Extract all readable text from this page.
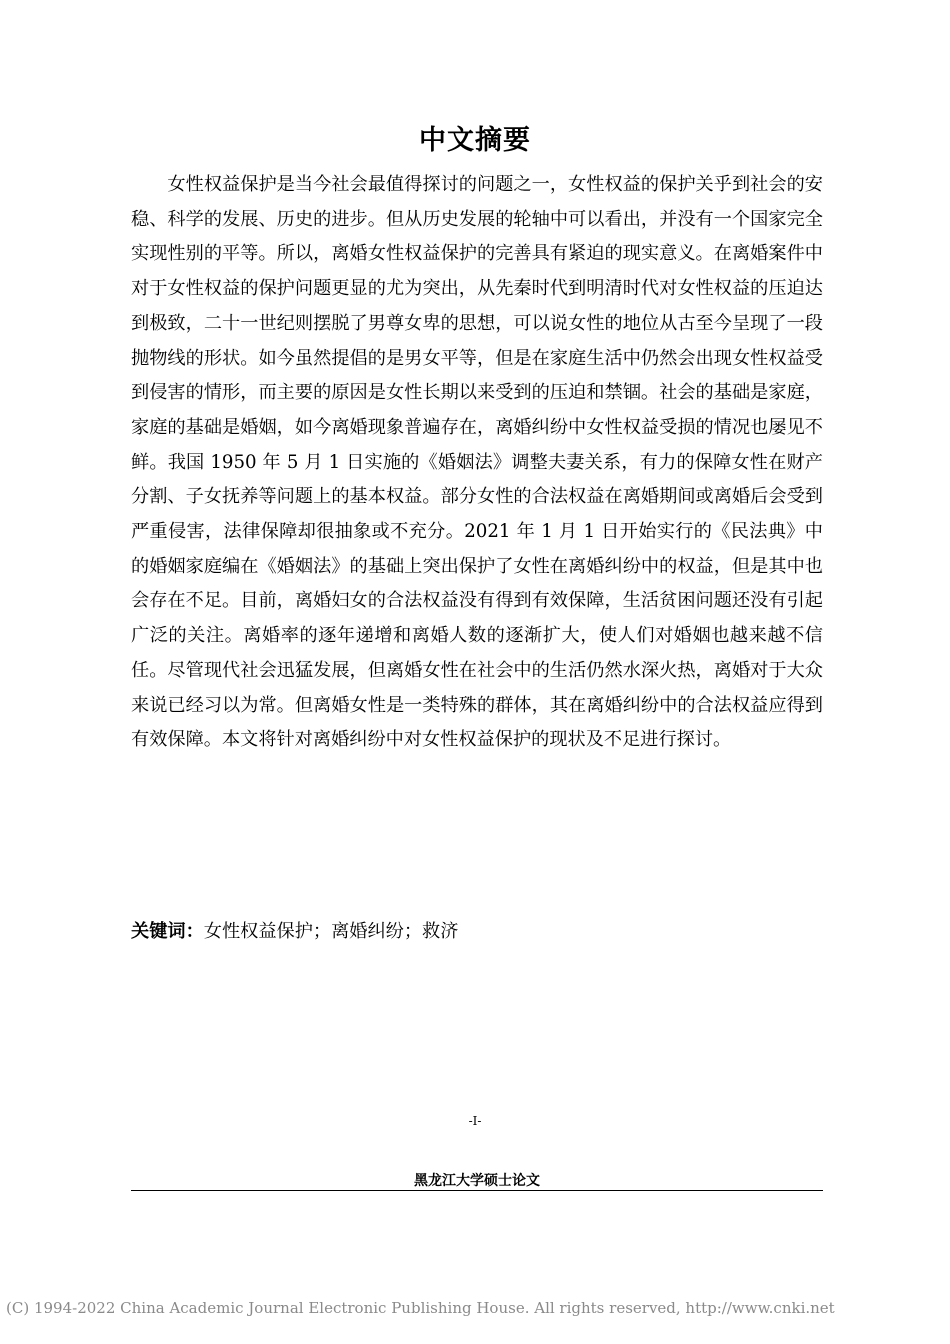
中文摘要

女性权益保护是当今社会最值得探讨的问题之一，女性权益的保护关乎到社会的安稳、科学的发展、历史的进步。但从历史发展的轮轴中可以看出，并没有一个国家完全实现性别的平等。所以，离婚女性权益保护的完善具有紧迫的现实意义。在离婚案件中对于女性权益的保护问题更显的尤为突出，从先秦时代到明清时代对女性权益的压迫达到极致，二十一世纪则摆脱了男尊女卑的思想，可以说女性的地位从古至今呈现了一段抛物线的形状。如今虽然提倡的是男女平等，但是在家庭生活中仍然会出现女性权益受到侵害的情形，而主要的原因是女性长期以来受到的压迫和禁锢。社会的基础是家庭，家庭的基础是婚姻，如今离婚现象普遍存在，离婚纠纷中女性权益受损的情况也屡见不鲜。我国 1950 年 5 月 1 日实施的《婚姻法》调整夫妻关系，有力的保障女性在财产分割、子女抚养等问题上的基本权益。部分女性的合法权益在离婚期间或离婚后会受到严重侵害，法律保障却很抽象或不充分。2021 年 1 月 1 日开始实行的《民法典》中的婚姻家庭编在《婚姻法》的基础上突出保护了女性在离婚纠纷中的权益，但是其中也会存在不足。目前，离婚妇女的合法权益没有得到有效保障，生活贫困问题还没有引起广泛的关注。离婚率的逐年递增和离婚人数的逐渐扩大，使人们对婚姻也越来越不信任。尽管现代社会迅猛发展，但离婚女性在社会中的生活仍然水深火热，离婚对于大众来说已经习以为常。但离婚女性是一类特殊的群体，其在离婚纠纷中的合法权益应得到有效保障。本文将针对离婚纠纷中对女性权益保护的现状及不足进行探讨。

关键词：女性权益保护；离婚纠纷；救济

-I-
黑龙江大学硕士论文
(C) 1994-2022 China Academic Journal Electronic Publishing House. All rights reserved, http://www.cnki.net
